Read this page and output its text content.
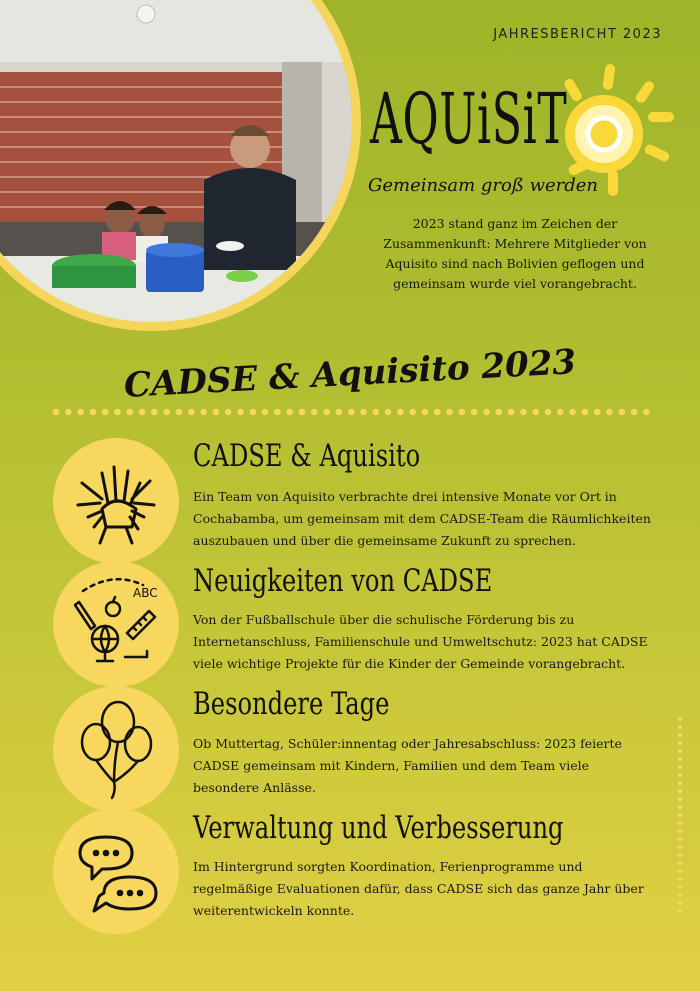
JAHRESBERICHT 2023
AQUiSiT
Gemeinsam groß werden
2023 stand ganz im Zeichen der Zusammenkunft: Mehrere Mitglieder von Aquisito sind nach Bolivien geflogen und gemeinsam wurde viel vorangebracht.
CADSE & Aquisito 2023
CADSE & Aquisito
Ein Team von Aquisito verbrachte drei intensive Monate vor Ort in Cochabamba, um gemeinsam mit dem CADSE-Team die Räumlichkeiten auszubauen und über die gemeinsame Zukunft zu sprechen.
ABC Neuigkeiten von CADSE
Von der Fußballschule über die schulische Förderung bis zu Internetanschluss, Familienschule und Umweltschutz: 2023 hat CADSE viele wichtige Projekte für die Kinder der Gemeinde vorangebracht.
Besondere Tage
Ob Muttertag, Schüler:innentag oder Jahresabschluss: 2023 feierte CADSE gemeinsam mit Kindern, Familien und dem Team viele besondere Anlässe.
Verwaltung und Verbesserung
Im Hintergrund sorgten Koordination, Ferienprogramme und regelmäßige Evaluationen dafür, dass CADSE sich das ganze Jahr über weiterentwickeln konnte.
